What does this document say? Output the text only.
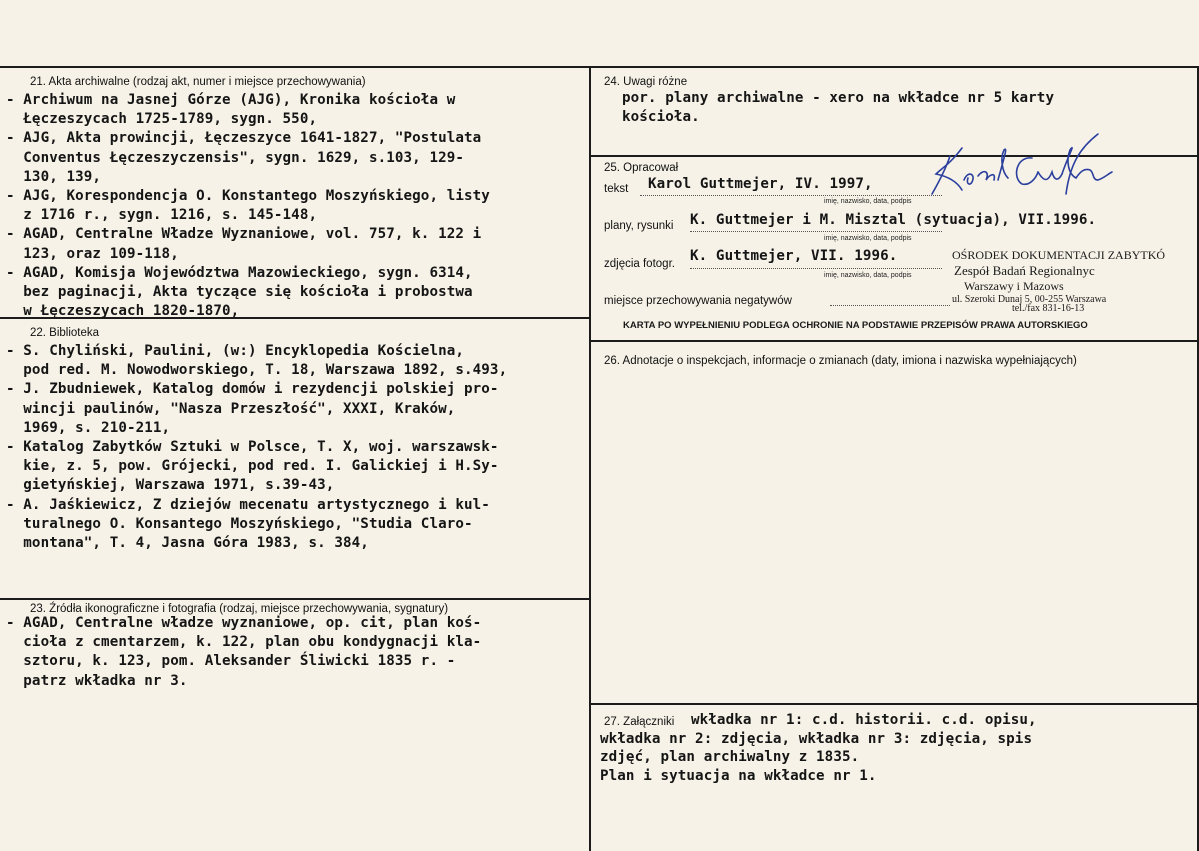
21. Akta archiwalne (rodzaj akt, numer i miejsce przechowywania)
- Archiwum na Jasnej Górze (AJG), Kronika kościoła w
Łęczeszycach 1725-1789, sygn. 550,
- AJG, Akta prowincji, Łęczeszyce 1641-1827, "Postulata
Conventus Łęczeszyczensis", sygn. 1629, s.103, 129-
130, 139,
- AJG, Korespondencja O. Konstantego Moszyńskiego, listy
z 1716 r., sygn. 1216, s. 145-148,
- AGAD, Centralne Władze Wyznaniowe, vol. 757, k. 122 i
123, oraz 109-118,
- AGAD, Komisja Województwa Mazowieckiego, sygn. 6314,
bez paginacji, Akta tyczące się kościoła i probostwa
w Łęczeszycach 1820-1870,
22. Biblioteka
- S. Chyliński, Paulini, (w:) Encyklopedia Kościelna,
pod red. M. Nowodworskiego, T. 18, Warszawa 1892, s.493,
- J. Zbudniewek, Katalog domów i rezydencji polskiej pro-
wincji paulinów, "Nasza Przeszłość", XXXI, Kraków,
1969, s. 210-211,
- Katalog Zabytków Sztuki w Polsce, T. X, woj. warszawsk-
kie, z. 5, pow. Grójecki, pod red. I. Galickiej i H.Sy-
gietyńskiej, Warszawa 1971, s.39-43,
- A. Jaśkiewicz, Z dziejów mecenatu artystycznego i kul-
turalnego O. Konsantego Moszyńskiego, "Studia Claro-
montana", T. 4, Jasna Góra 1983, s. 384,
23. Źródła ikonograficzne i fotografia (rodzaj, miejsce przechowywania, sygnatury)
- AGAD, Centralne władze wyznaniowe, op. cit, plan koś-
cioła z cmentarzem, k. 122, plan obu kondygnacji kla-
sztoru, k. 123, pom. Aleksander Śliwicki 1835 r. -
patrz wkładka nr 3.
24. Uwagi różne
por. plany archiwalne - xero na wkładce nr 5 karty
kościoła.
25. Opracował
tekst Karol Guttmejer, IV. 1997,
imię, nazwisko, data, podpis
plany, rysunki K. Guttmejer i M. Misztal (sytuacja), VII.1996.
imię, nazwisko, data, podpis
zdjęcia fotogr. K. Guttmejer, VII. 1996.
imię, nazwisko, data, podpis
miejsce przechowywania negatywów
OŚRODEK DOKUMENTACJI ZABYTKÓ
Zespół Badań Regionalnyc
Warszawy i Mazows
ul. Szeroki Dunaj 5, 00-255 Warszawa
tel./fax 831-16-13
KARTA PO WYPEŁNIENIU PODLEGA OCHRONIE NA PODSTAWIE PRZEPISÓW PRAWA AUTORSKIEGO
26. Adnotacje o inspekcjach, informacje o zmianach (daty, imiona i nazwiska wypełniających)
27. Załączniki wkładka nr 1: c.d. historii. c.d. opisu,
wkładka nr 2: zdjęcia, wkładka nr 3: zdjęcia, spis
zdjęć, plan archiwalny z 1835.
Plan i sytuacja na wkładce nr 1.
